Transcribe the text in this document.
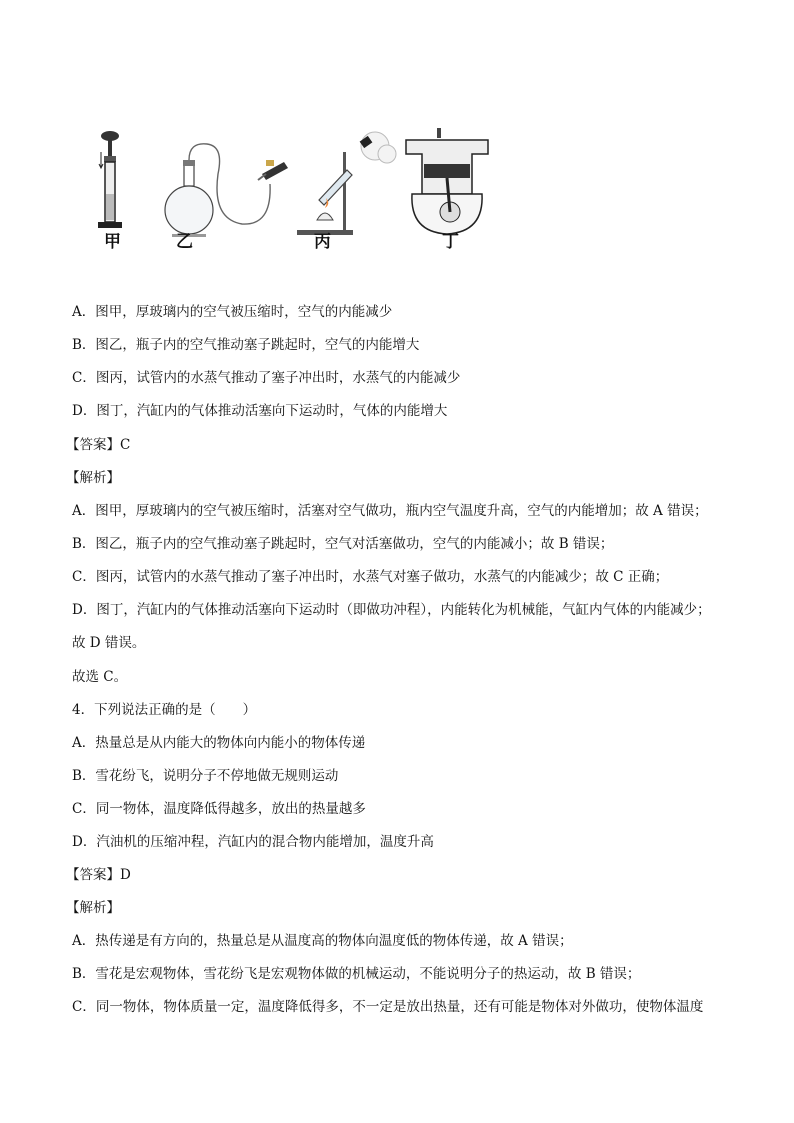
甲	乙	丙	丁
A．图甲，厚玻璃内的空气被压缩时，空气的内能减少
B．图乙，瓶子内的空气推动塞子跳起时，空气的内能增大
C．图丙，试管内的水蒸气推动了塞子冲出时，水蒸气的内能减少
D．图丁，汽缸内的气体推动活塞向下运动时，气体的内能增大
【答案】C
【解析】
A．图甲，厚玻璃内的空气被压缩时，活塞对空气做功，瓶内空气温度升高，空气的内能增加；故 A 错误；
B．图乙，瓶子内的空气推动塞子跳起时，空气对活塞做功，空气的内能减小；故 B 错误；
C．图丙，试管内的水蒸气推动了塞子冲出时，水蒸气对塞子做功，水蒸气的内能减少；故 C 正确；
D．图丁，汽缸内的气体推动活塞向下运动时（即做功冲程），内能转化为机械能，气缸内气体的内能减少；
故 D 错误。
故选 C。
4．下列说法正确的是（　　）
A．热量总是从内能大的物体向内能小的物体传递
B．雪花纷飞，说明分子不停地做无规则运动
C．同一物体，温度降低得越多，放出的热量越多
D．汽油机的压缩冲程，汽缸内的混合物内能增加，温度升高
【答案】D
【解析】
A．热传递是有方向的，热量总是从温度高的物体向温度低的物体传递，故 A 错误；
B．雪花是宏观物体，雪花纷飞是宏观物体做的机械运动，不能说明分子的热运动，故 B 错误；
C．同一物体，物体质量一定，温度降低得多，不一定是放出热量，还有可能是物体对外做功，使物体温度
